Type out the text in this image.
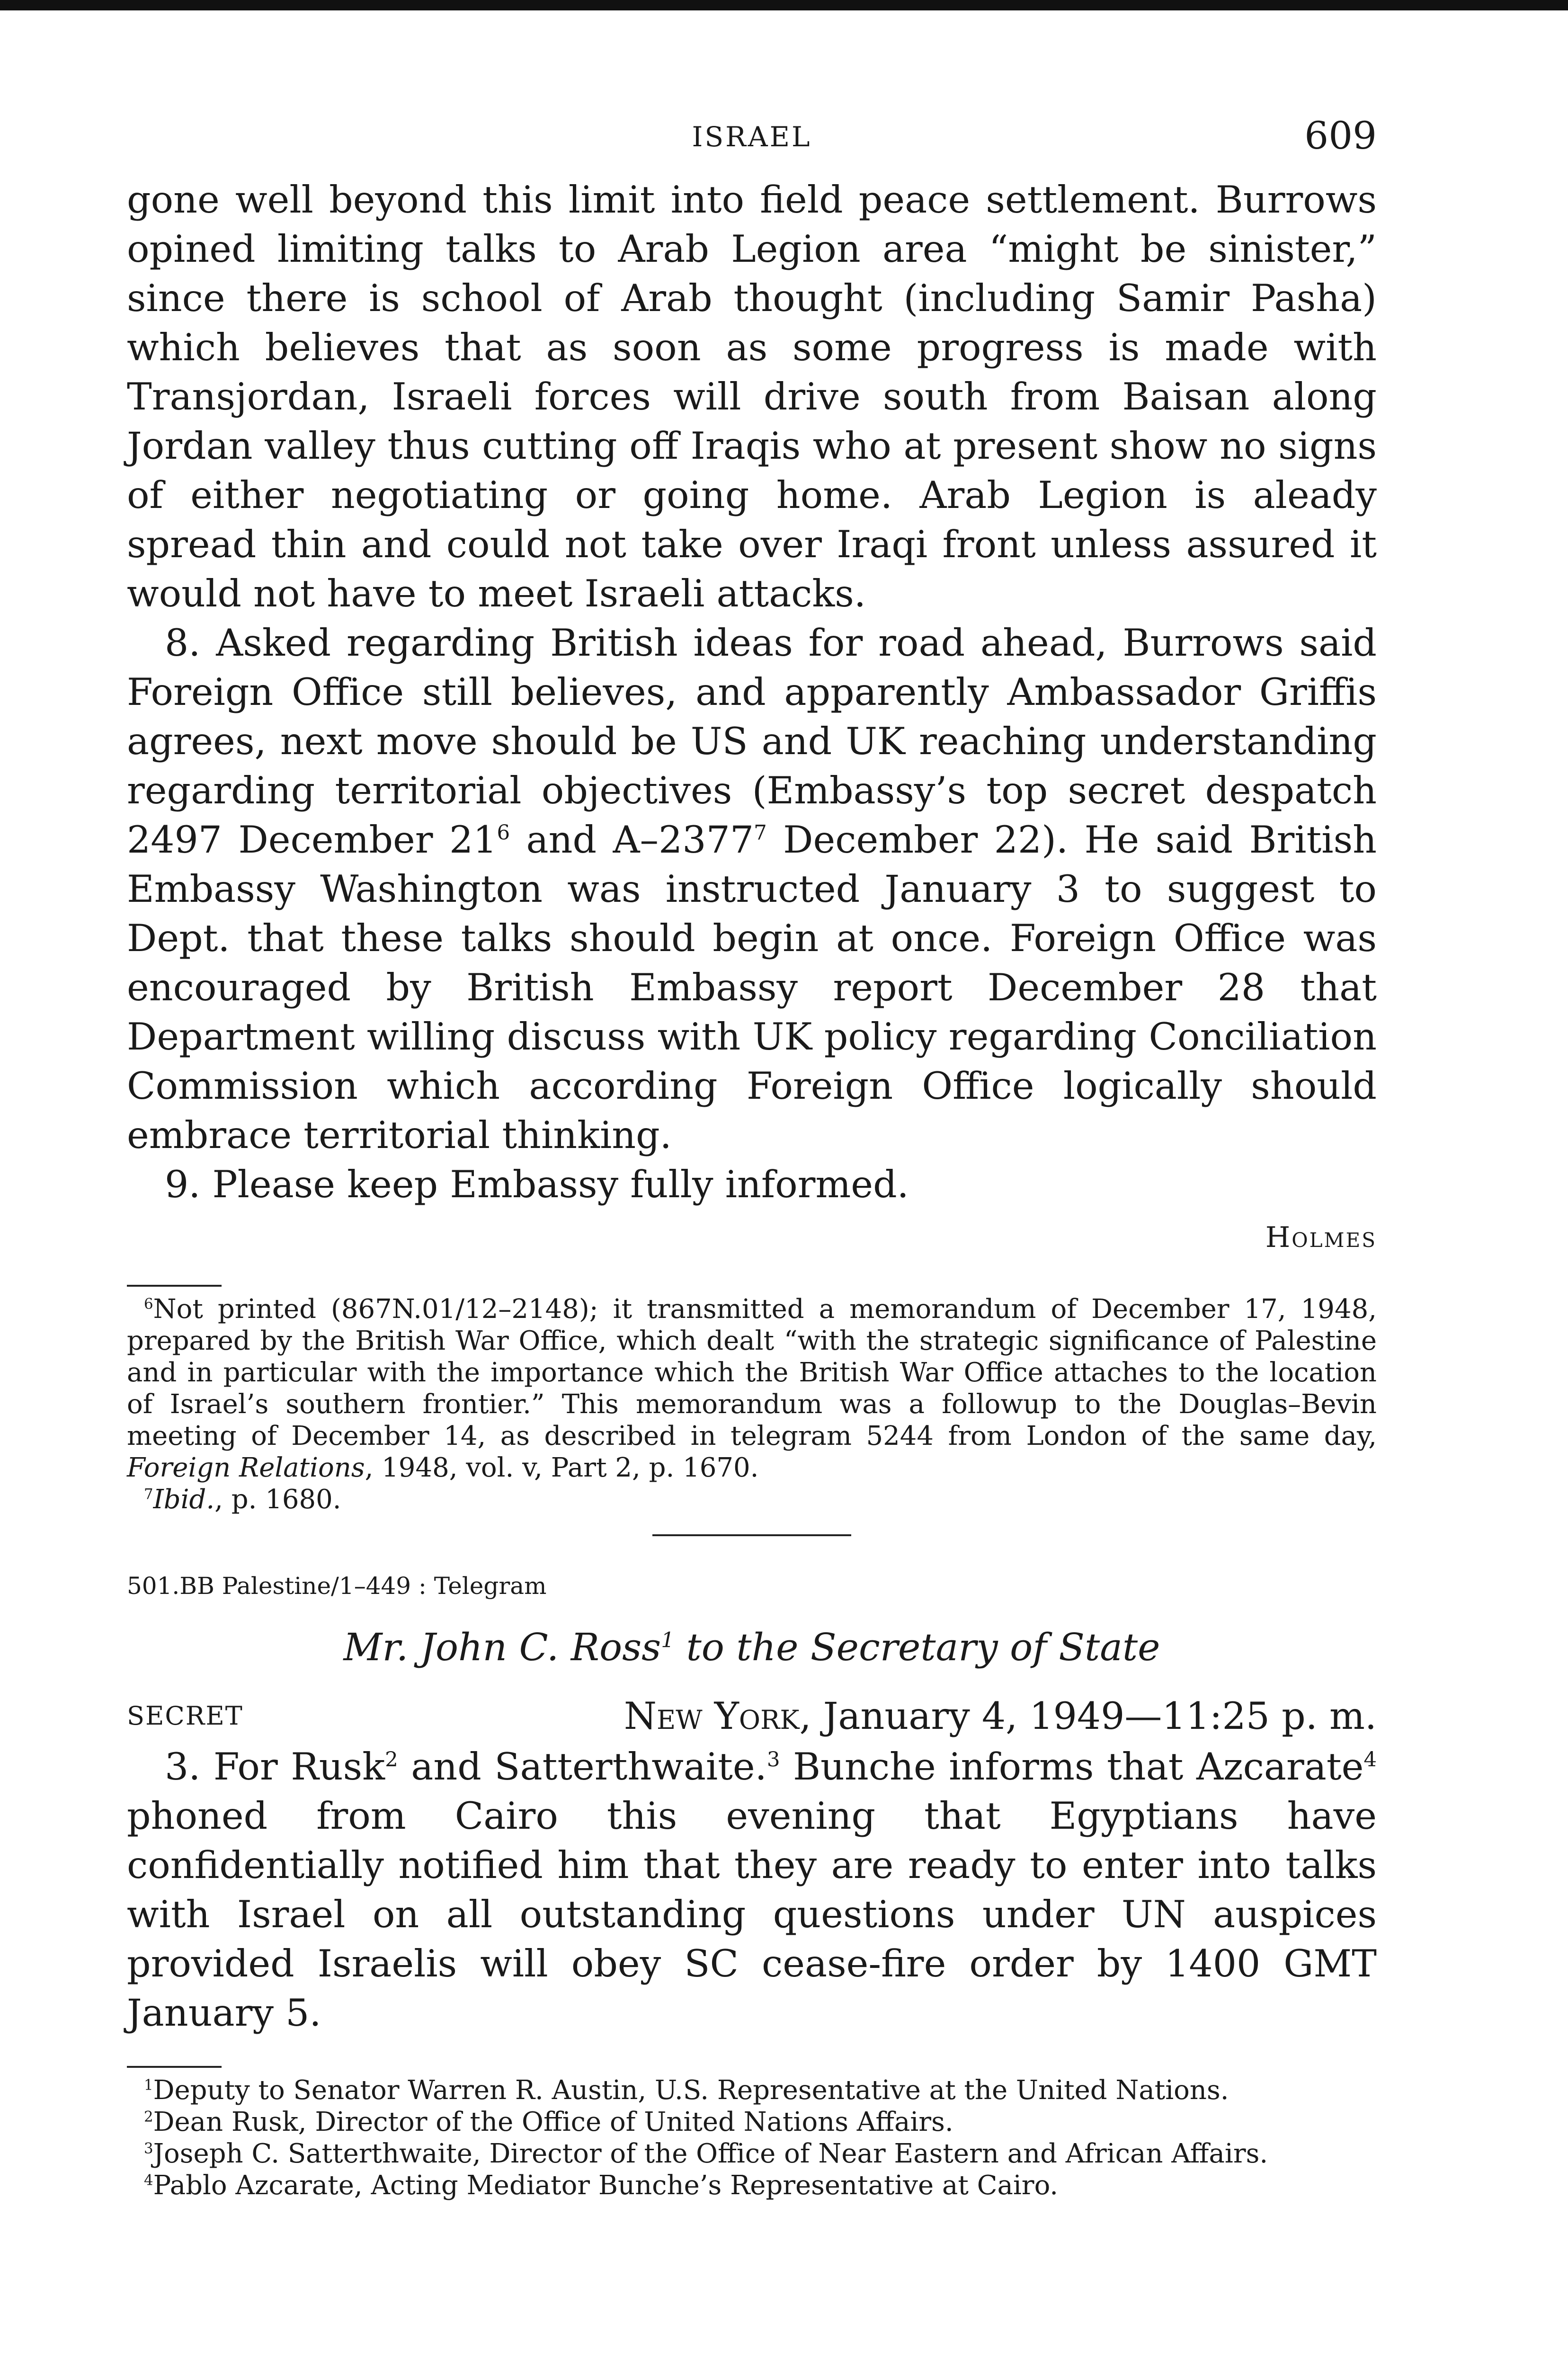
ISRAEL	609

gone well beyond this limit into field peace settlement. Burrows opined limiting talks to Arab Legion area “might be sinister,” since there is school of Arab thought (including Samir Pasha) which believes that as soon as some progress is made with Transjordan, Israeli forces will drive south from Baisan along Jordan valley thus cutting off Iraqis who at present show no signs of either negotiating or going home. Arab Legion is aleady spread thin and could not take over Iraqi front unless assured it would not have to meet Israeli attacks.

8. Asked regarding British ideas for road ahead, Burrows said Foreign Office still believes, and apparently Ambassador Griffis agrees, next move should be US and UK reaching understanding regarding territorial objectives (Embassy’s top secret despatch 2497 December $21^6$ and A–2377$^7$ December 22). He said British Embassy Washington was instructed January 3 to suggest to Dept. that these talks should begin at once. Foreign Office was encouraged by British Embassy report December 28 that Department willing discuss with UK policy regarding Conciliation Commission which according Foreign Office logically should embrace territorial thinking.

9. Please keep Embassy fully informed.

Holmes

$^6$Not printed (867N.01/12–2148); it transmitted a memorandum of December 17, 1948, prepared by the British War Office, which dealt “with the strategic significance of Palestine and in particular with the importance which the British War Office attaches to the location of Israel’s southern frontier.” This memorandum was a followup to the Douglas–Bevin meeting of December 14, as described in telegram 5244 from London of the same day, Foreign Relations, 1948, vol. v, Part 2, p. 1670.

$^7$Ibid., p. 1680.

501.BB Palestine/1–449 : Telegram
Mr. John C. Ross$^1$ to the Secretary of State
SECRET	New York, January 4, 1949—11:25 p. m.

3. For Rusk$^2$ and Satterthwaite.$^3$ Bunche informs that Azcarate$^4$ phoned from Cairo this evening that Egyptians have confidentially notified him that they are ready to enter into talks with Israel on all outstanding questions under UN auspices provided Israelis will obey SC cease-fire order by 1400 GMT January 5.

$^1$Deputy to Senator Warren R. Austin, U.S. Representative at the United Nations.

$^2$Dean Rusk, Director of the Office of United Nations Affairs.

$^3$Joseph C. Satterthwaite, Director of the Office of Near Eastern and African Affairs.

$^4$Pablo Azcarate, Acting Mediator Bunche’s Representative at Cairo.
